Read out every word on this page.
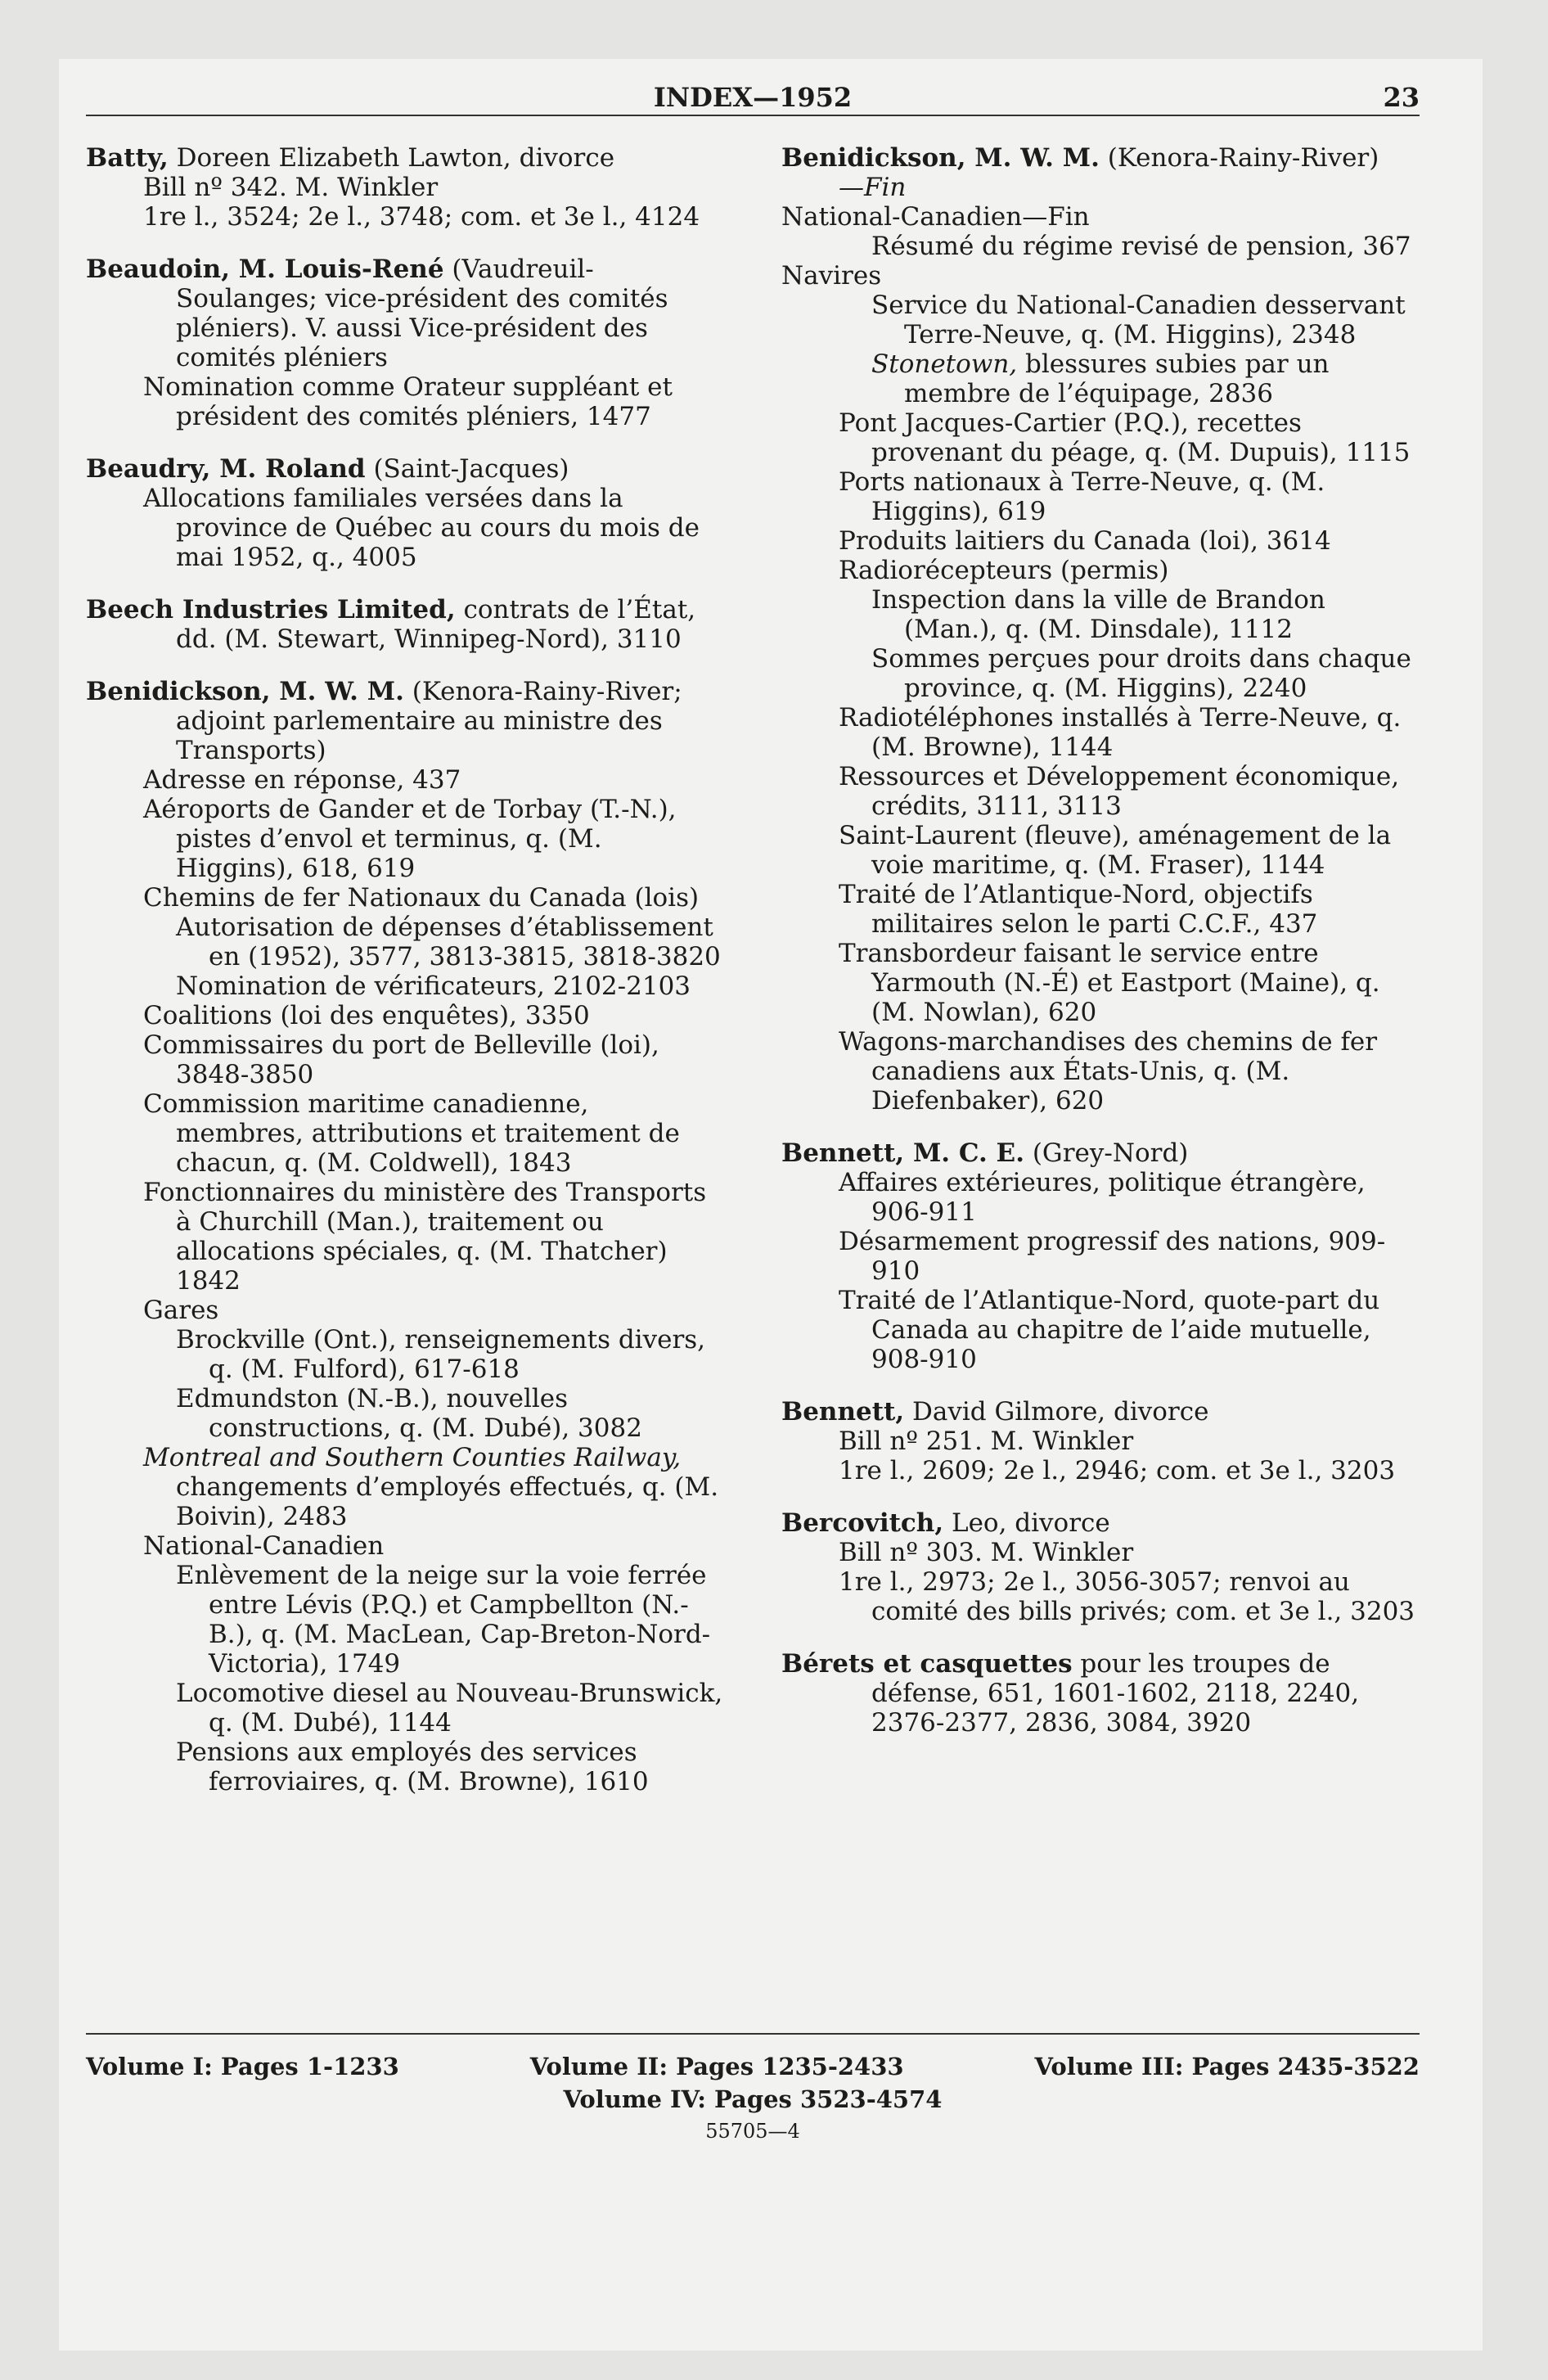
INDEX—1952	23
Batty, Doreen Elizabeth Lawton, divorce
Bill nº 342. M. Winkler
1re l., 3524; 2e l., 3748; com. et 3e l., 4124
Beaudoin, M. Louis-René (Vaudreuil-Soulanges; vice-président des comités pléniers). V. aussi Vice-président des comités pléniers
Nomination comme Orateur suppléant et président des comités pléniers, 1477
Beaudry, M. Roland (Saint-Jacques)
Allocations familiales versées dans la province de Québec au cours du mois de mai 1952, q., 4005
Beech Industries Limited, contrats de l’État, dd. (M. Stewart, Winnipeg-Nord), 3110
Benidickson, M. W. M. (Kenora-Rainy-River; adjoint parlementaire au ministre des Transports)
Adresse en réponse, 437
Aéroports de Gander et de Torbay (T.-N.), pistes d’envol et terminus, q. (M. Higgins), 618, 619
Chemins de fer Nationaux du Canada (lois)
Autorisation de dépenses d’établissement en (1952), 3577, 3813-3815, 3818-3820
Nomination de vérificateurs, 2102-2103
Coalitions (loi des enquêtes), 3350
Commissaires du port de Belleville (loi), 3848-3850
Commission maritime canadienne, membres, attributions et traitement de chacun, q. (M. Coldwell), 1843
Fonctionnaires du ministère des Transports à Churchill (Man.), traitement ou allocations spéciales, q. (M. Thatcher) 1842
Gares
Brockville (Ont.), renseignements divers, q. (M. Fulford), 617-618
Edmundston (N.-B.), nouvelles constructions, q. (M. Dubé), 3082
Montreal and Southern Counties Railway, changements d’employés effectués, q. (M. Boivin), 2483
National-Canadien
Enlèvement de la neige sur la voie ferrée entre Lévis (P.Q.) et Campbellton (N.-B.), q. (M. MacLean, Cap-Breton-Nord-Victoria), 1749
Locomotive diesel au Nouveau-Brunswick, q. (M. Dubé), 1144
Pensions aux employés des services ferroviaires, q. (M. Browne), 1610
Benidickson, M. W. M. (Kenora-Rainy-River)
—Fin
National-Canadien—Fin
Résumé du régime revisé de pension, 367
Navires
Service du National-Canadien desservant Terre-Neuve, q. (M. Higgins), 2348
Stonetown, blessures subies par un membre de l’équipage, 2836
Pont Jacques-Cartier (P.Q.), recettes provenant du péage, q. (M. Dupuis), 1115
Ports nationaux à Terre-Neuve, q. (M. Higgins), 619
Produits laitiers du Canada (loi), 3614
Radiorécepteurs (permis)
Inspection dans la ville de Brandon (Man.), q. (M. Dinsdale), 1112
Sommes perçues pour droits dans chaque province, q. (M. Higgins), 2240
Radiotéléphones installés à Terre-Neuve, q. (M. Browne), 1144
Ressources et Développement économique, crédits, 3111, 3113
Saint-Laurent (fleuve), aménagement de la voie maritime, q. (M. Fraser), 1144
Traité de l’Atlantique-Nord, objectifs militaires selon le parti C.C.F., 437
Transbordeur faisant le service entre Yarmouth (N.-É) et Eastport (Maine), q. (M. Nowlan), 620
Wagons-marchandises des chemins de fer canadiens aux États-Unis, q. (M. Diefenbaker), 620
Bennett, M. C. E. (Grey-Nord)
Affaires extérieures, politique étrangère, 906-911
Désarmement progressif des nations, 909-910
Traité de l’Atlantique-Nord, quote-part du Canada au chapitre de l’aide mutuelle, 908-910
Bennett, David Gilmore, divorce
Bill nº 251. M. Winkler
1re l., 2609; 2e l., 2946; com. et 3e l., 3203
Bercovitch, Leo, divorce
Bill nº 303. M. Winkler
1re l., 2973; 2e l., 3056-3057; renvoi au comité des bills privés; com. et 3e l., 3203
Bérets et casquettes pour les troupes de défense, 651, 1601-1602, 2118, 2240, 2376-2377, 2836, 3084, 3920
Volume I: Pages 1-1233	Volume II: Pages 1235-2433	Volume III: Pages 2435-3522
Volume IV: Pages 3523-4574
55705—4
